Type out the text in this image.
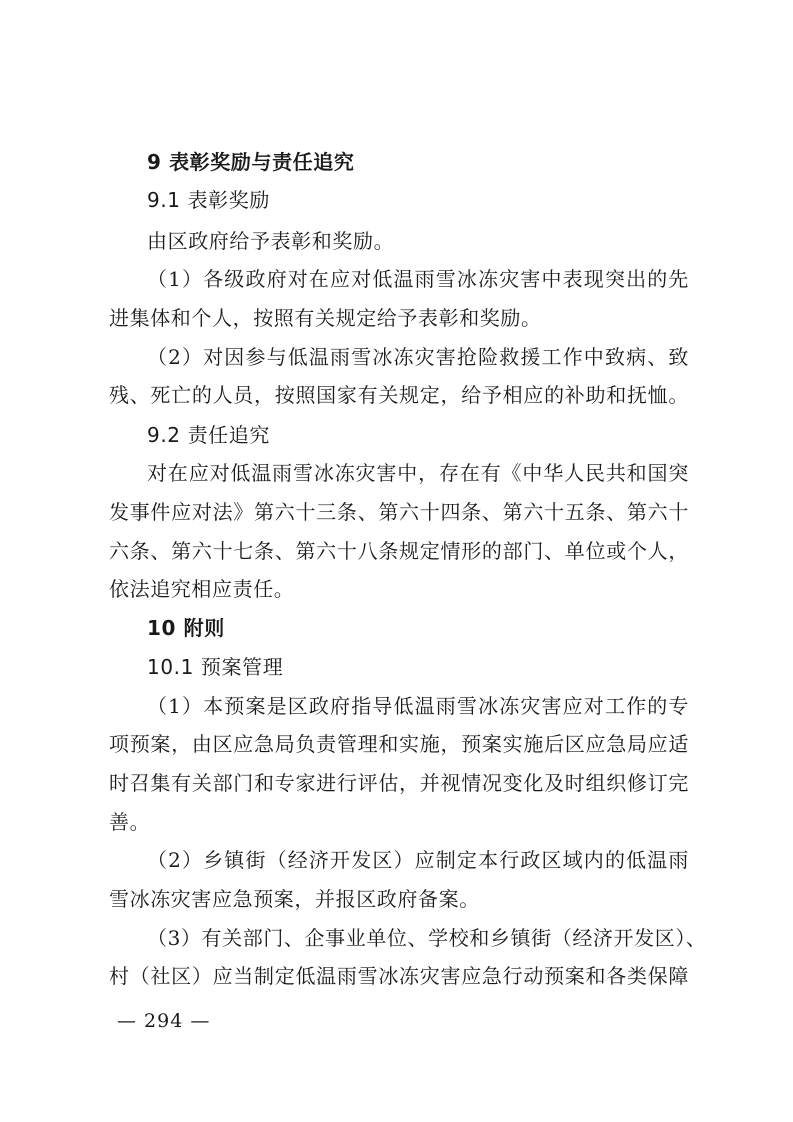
9 表彰奖励与责任追究
9.1 表彰奖励
由区政府给予表彰和奖励。
（1）各级政府对在应对低温雨雪冰冻灾害中表现突出的先
进集体和个人，按照有关规定给予表彰和奖励。
（2）对因参与低温雨雪冰冻灾害抢险救援工作中致病、致
残、死亡的人员，按照国家有关规定，给予相应的补助和抚恤。
9.2 责任追究
对在应对低温雨雪冰冻灾害中，存在有《中华人民共和国突
发事件应对法》第六十三条、第六十四条、第六十五条、第六十
六条、第六十七条、第六十八条规定情形的部门、单位或个人，
依法追究相应责任。
10 附则
10.1 预案管理
（1）本预案是区政府指导低温雨雪冰冻灾害应对工作的专
项预案，由区应急局负责管理和实施，预案实施后区应急局应适
时召集有关部门和专家进行评估，并视情况变化及时组织修订完
善。
（2）乡镇街（经济开发区）应制定本行政区域内的低温雨
雪冰冻灾害应急预案，并报区政府备案。
（3）有关部门、企事业单位、学校和乡镇街（经济开发区）、
村（社区）应当制定低温雨雪冰冻灾害应急行动预案和各类保障
— 294 —
